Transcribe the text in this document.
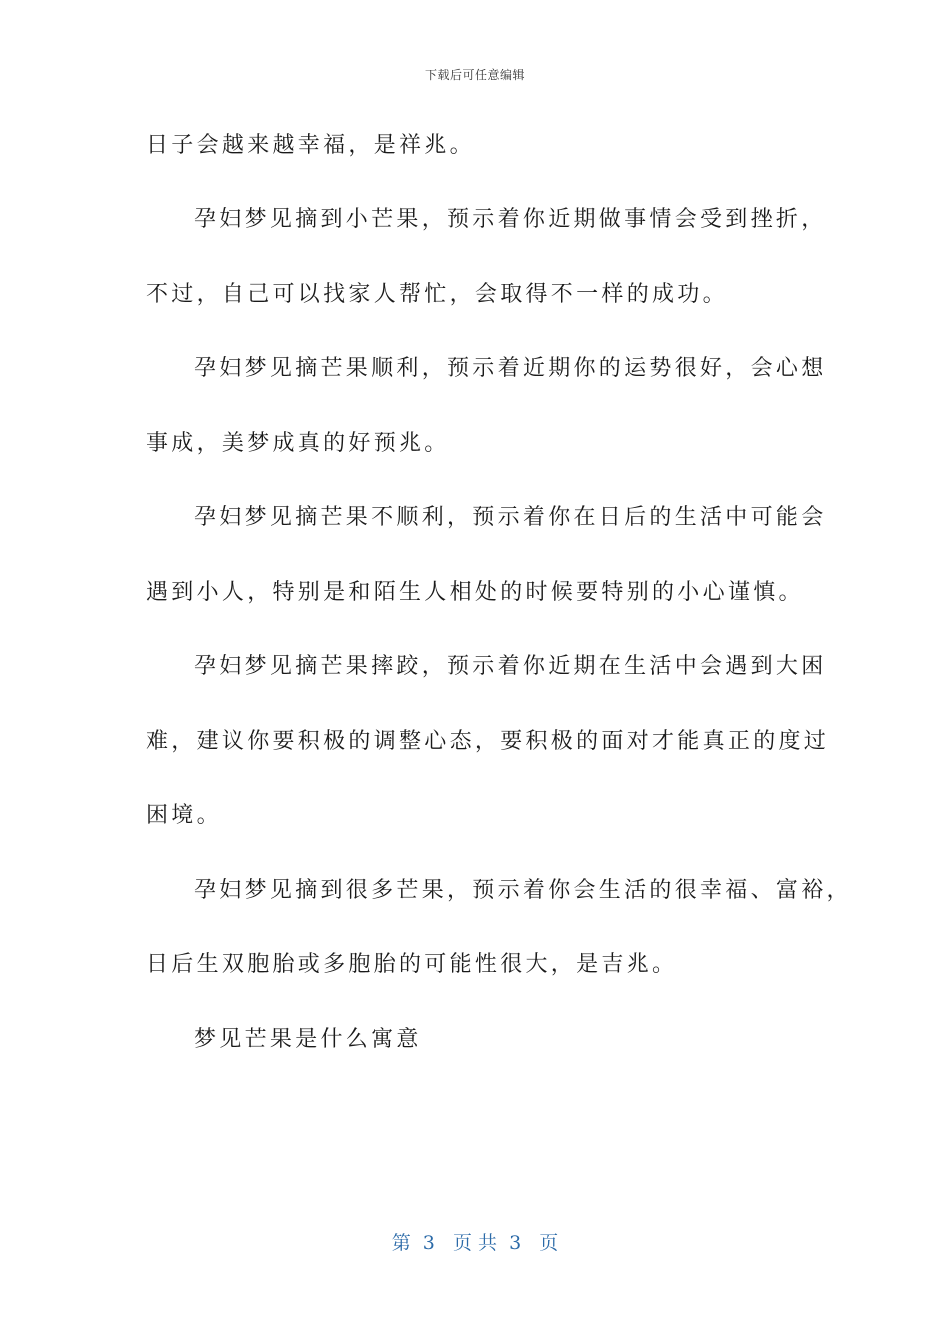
下载后可任意编辑
日子会越来越幸福，是祥兆。
孕妇梦见摘到小芒果，预示着你近期做事情会受到挫折，
不过，自己可以找家人帮忙，会取得不一样的成功。
孕妇梦见摘芒果顺利，预示着近期你的运势很好，会心想
事成，美梦成真的好预兆。
孕妇梦见摘芒果不顺利，预示着你在日后的生活中可能会
遇到小人，特别是和陌生人相处的时候要特别的小心谨慎。
孕妇梦见摘芒果摔跤，预示着你近期在生活中会遇到大困
难，建议你要积极的调整心态，要积极的面对才能真正的度过
困境。
孕妇梦见摘到很多芒果，预示着你会生活的很幸福、富裕，
日后生双胞胎或多胞胎的可能性很大，是吉兆。
梦见芒果是什么寓意
第  3   页 共  3   页
